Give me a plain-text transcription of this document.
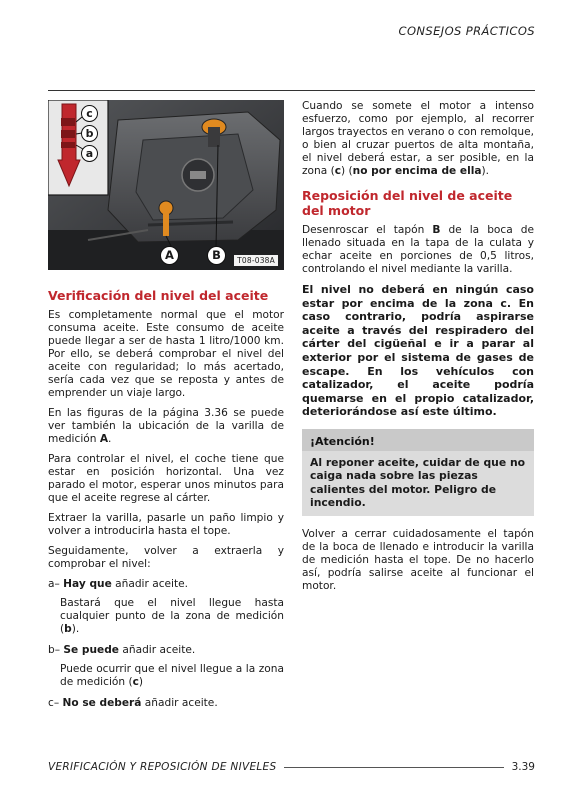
CONSEJOS PRÁCTICOS
c
b
a
A	B	T08-038A
Verificación del nivel del aceite

Es completamente normal que el motor consuma aceite. Este consumo de aceite puede llegar a ser de hasta 1 litro/1000 km. Por ello, se deberá comprobar el nivel del aceite con regularidad; lo más acertado, sería cada vez que se reposta y antes de emprender un viaje largo.

En las figuras de la página 3.36 se puede ver también la ubicación de la varilla de medición A.

Para controlar el nivel, el coche tiene que estar en posición horizontal. Una vez parado el motor, esperar unos minutos para que el aceite regrese al cárter.

Extraer la varilla, pasarle un paño limpio y volver a introducirla hasta el tope.

Seguidamente, volver a extraerla y comprobar el nivel:

a– Hay que añadir aceite.
Bastará que el nivel llegue hasta cualquier punto de la zona de medición (b).
b– Se puede añadir aceite.
Puede ocurrir que el nivel llegue a la zona de medición (c)
c– No se deberá añadir aceite.

Cuando se somete el motor a intenso esfuerzo, como por ejemplo, al recorrer largos trayectos en verano o con remolque, o bien al cruzar puertos de alta montaña, el nivel deberá estar, a ser posible, en la zona (c) (no por encima de ella).

Reposición del nivel de aceite del motor

Desenroscar el tapón B de la boca de llenado situada en la tapa de la culata y echar aceite en porciones de 0,5 litros, controlando el nivel mediante la varilla.

El nivel no deberá en ningún caso estar por encima de la zona c. En caso contrario, podría aspirarse aceite a través del respiradero del cárter del cigüeñal e ir a parar al exterior por el sistema de gases de escape. En los vehículos con catalizador, el aceite podría quemarse en el propio catalizador, deteriorándose así este último.
¡Atención!
Al reponer aceite, cuidar de que no caiga nada sobre las piezas calientes del motor. Peligro de incendio.

Volver a cerrar cuidadosamente el tapón de la boca de llenado e introducir la varilla de medición hasta el tope. De no hacerlo así, podría salirse aceite al funcionar el motor.

VERIFICACIÓN Y REPOSICIÓN DE NIVELES	3.39
